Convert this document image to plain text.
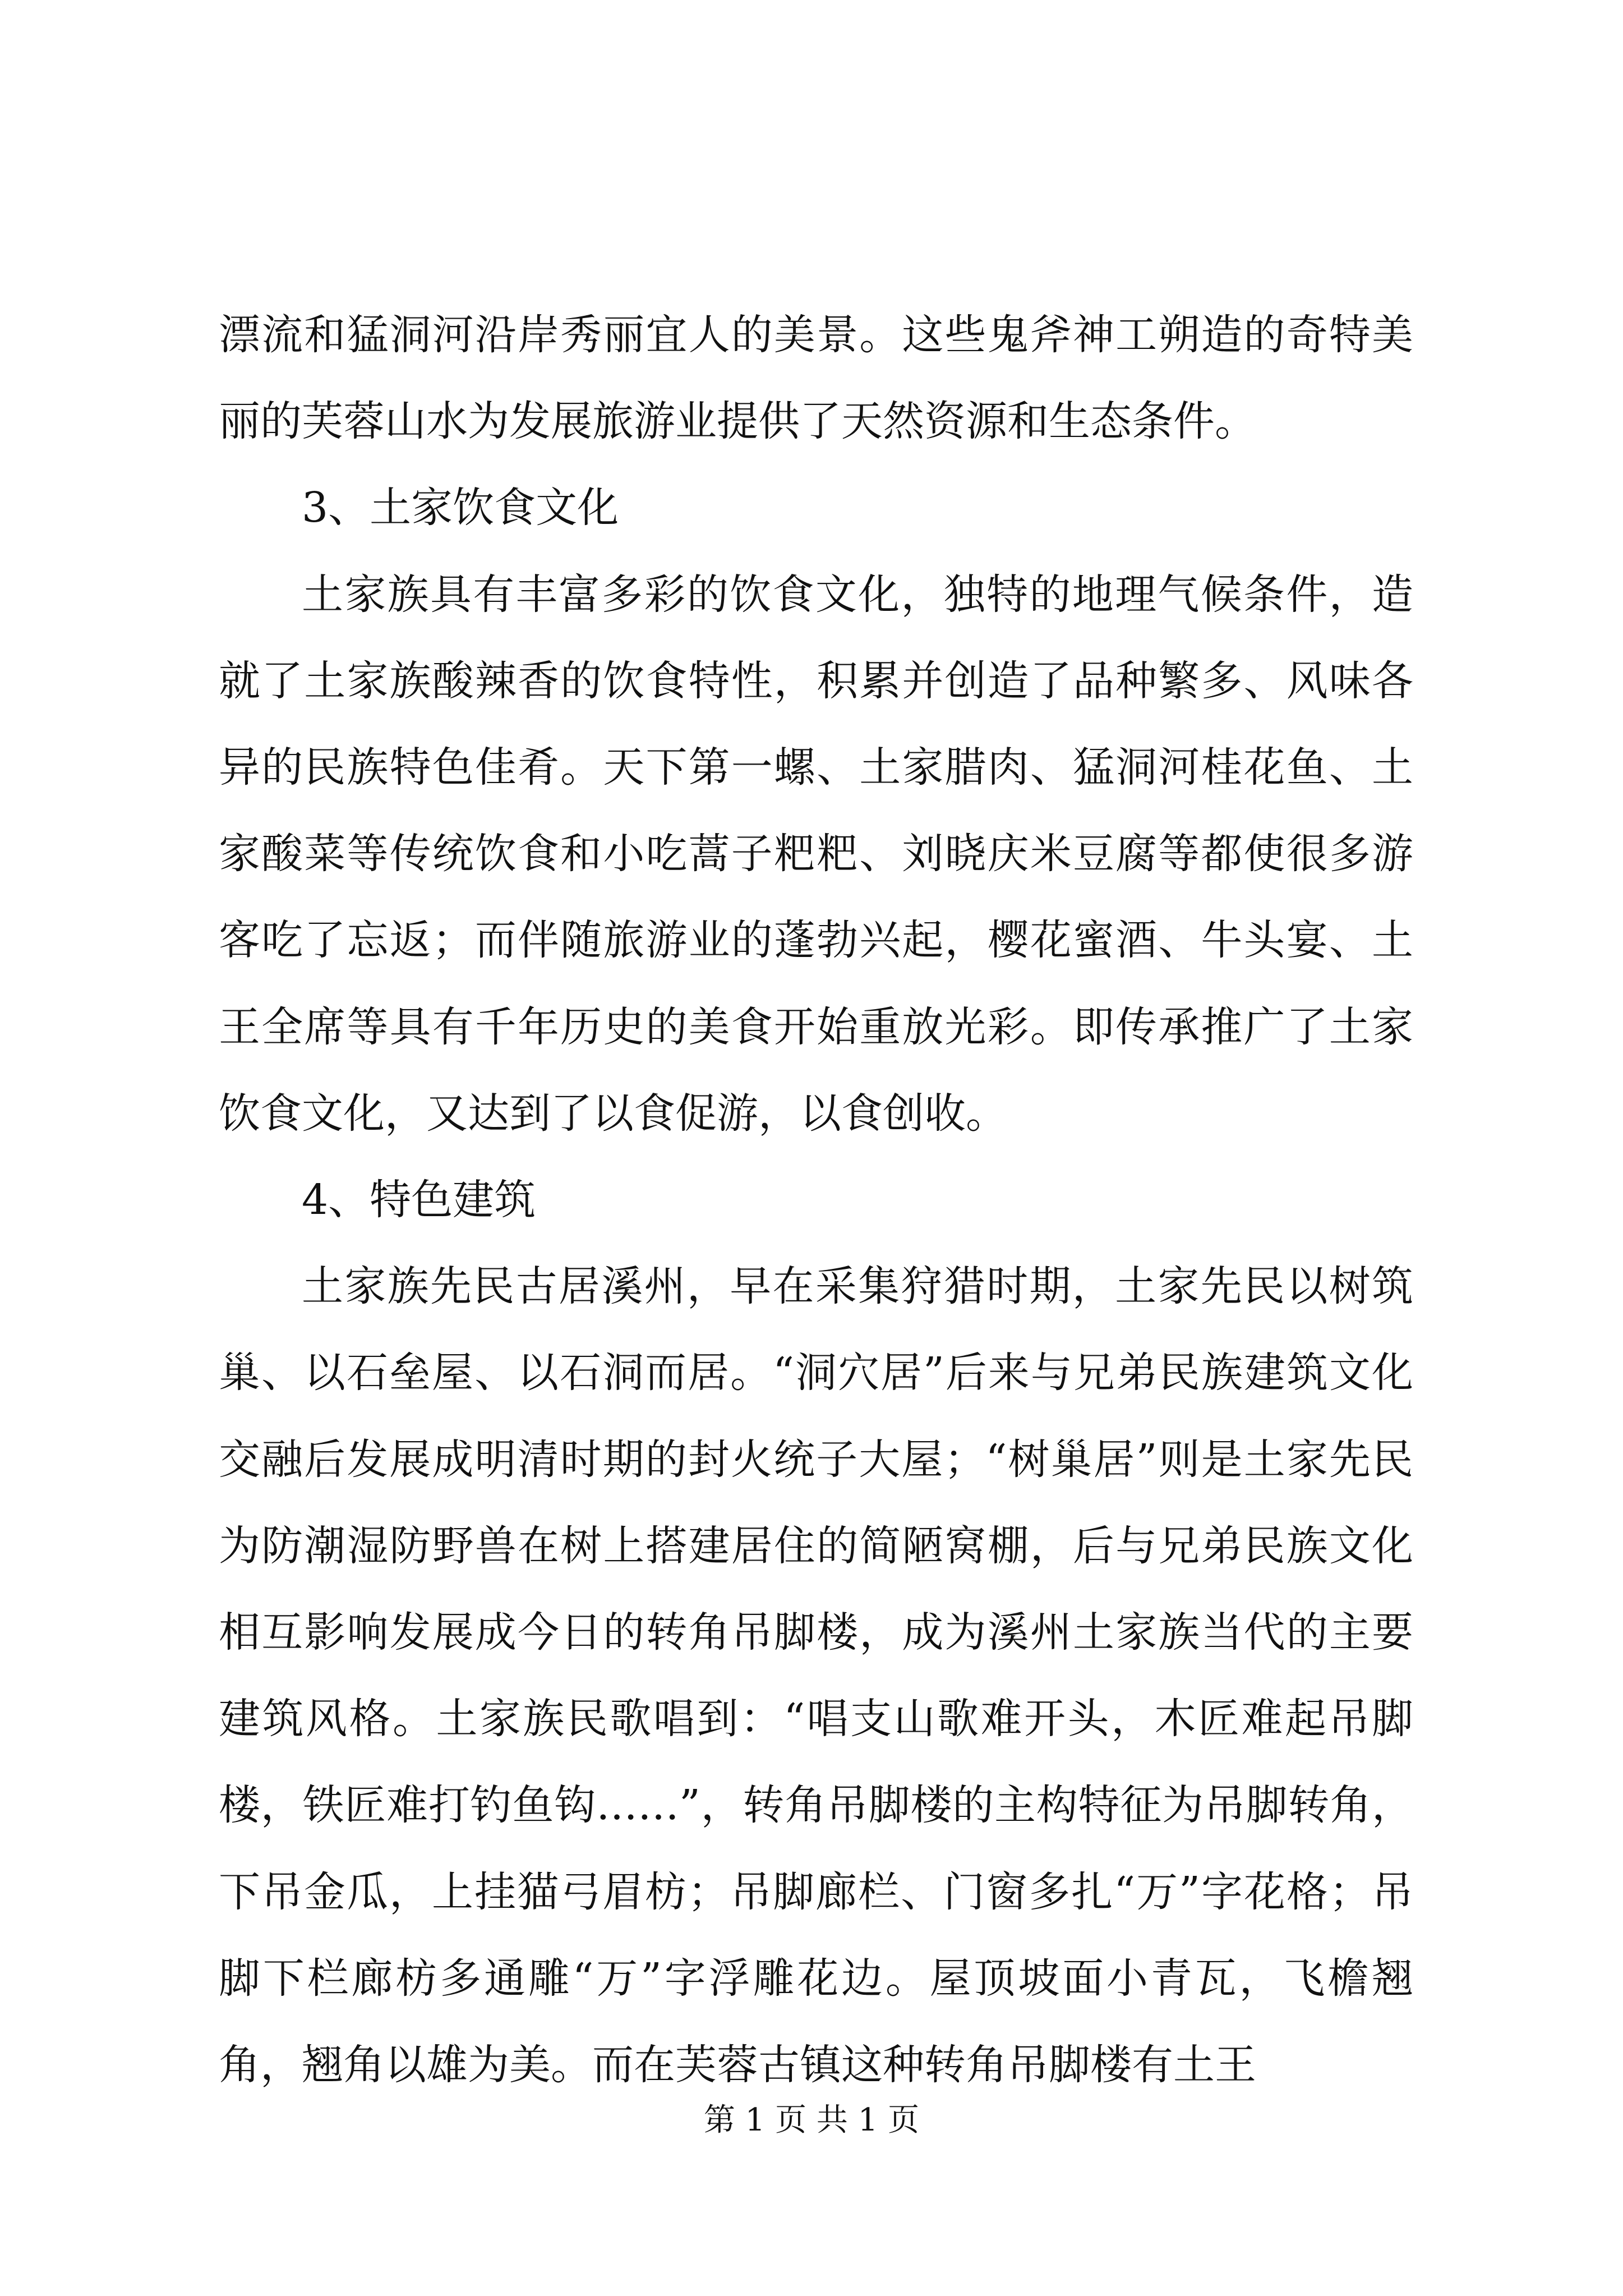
漂流和猛洞河沿岸秀丽宜人的美景。这些鬼斧神工朔造的奇特美丽的芙蓉山水为发展旅游业提供了天然资源和生态条件。

3、土家饮食文化

土家族具有丰富多彩的饮食文化，独特的地理气候条件，造就了土家族酸辣香的饮食特性，积累并创造了品种繁多、风味各异的民族特色佳肴。天下第一螺、土家腊肉、猛洞河桂花鱼、土家酸菜等传统饮食和小吃蒿子粑粑、刘晓庆米豆腐等都使很多游客吃了忘返；而伴随旅游业的蓬勃兴起，樱花蜜酒、牛头宴、土王全席等具有千年历史的美食开始重放光彩。即传承推广了土家饮食文化，又达到了以食促游，以食创收。

4、特色建筑

土家族先民古居溪州，早在采集狩猎时期，土家先民以树筑巢、以石垒屋、以石洞而居。“洞穴居”后来与兄弟民族建筑文化交融后发展成明清时期的封火统子大屋；“树巢居”则是土家先民为防潮湿防野兽在树上搭建居住的简陋窝棚，后与兄弟民族文化相互影响发展成今日的转角吊脚楼，成为溪州土家族当代的主要建筑风格。土家族民歌唱到：“唱支山歌难开头，木匠难起吊脚楼，铁匠难打钓鱼钩……”，转角吊脚楼的主构特征为吊脚转角，下吊金瓜，上挂猫弓眉枋；吊脚廊栏、门窗多扎“万”字花格；吊脚下栏廊枋多通雕“万”字浮雕花边。屋顶坡面小青瓦，飞檐翘角，翘角以雄为美。而在芙蓉古镇这种转角吊脚楼有土王

第 1 页 共 1 页
